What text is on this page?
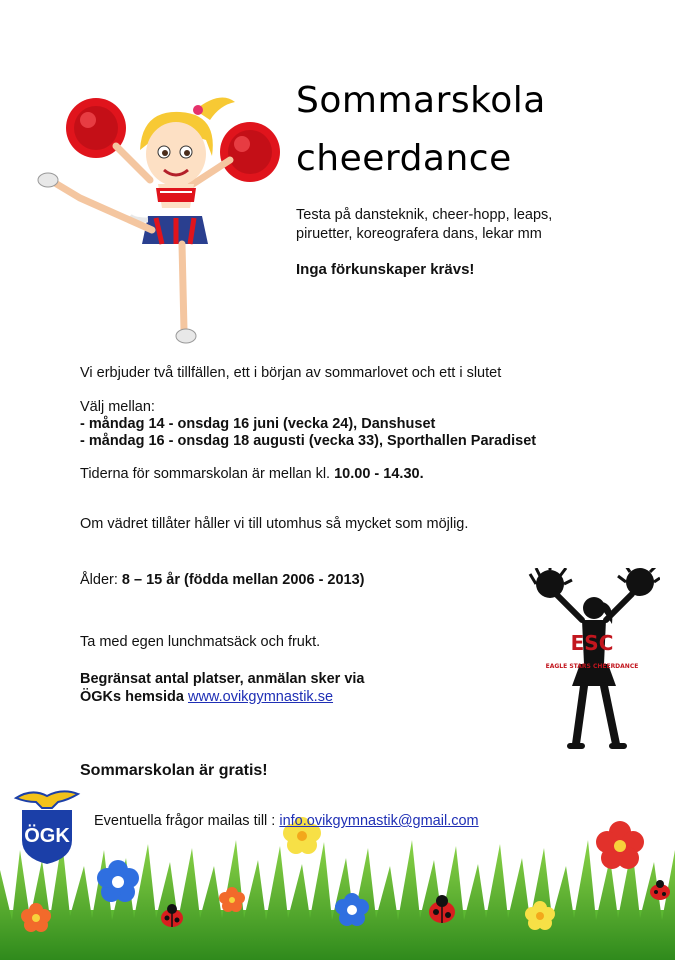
Sommarskola
cheerdance
Testa på dansteknik, cheer-hopp, leaps,
piruetter, koreografera dans, lekar mm
Inga förkunskaper krävs!
Vi erbjuder två tillfällen, ett i början av sommarlovet och ett i slutet
Välj mellan:
- måndag 14 - onsdag 16 juni (vecka 24), Danshuset
- måndag 16 - onsdag 18 augusti (vecka 33), Sporthallen Paradiset
Tiderna för sommarskolan är mellan kl. 10.00 - 14.30.
Om vädret tillåter håller vi till utomhus så mycket som möjlig.
Ålder: 8 – 15 år (födda mellan 2006 - 2013)
Ta med egen lunchmatsäck och frukt.
Begränsat antal platser, anmälan sker via
ÖGKs hemsida www.ovikgymnastik.se
Sommarskolan är gratis!
ESC
EAGLE STARS CHEERDANCE
ÖGK
Eventuella frågor mailas till : info.ovikgymnastik@gmail.com
